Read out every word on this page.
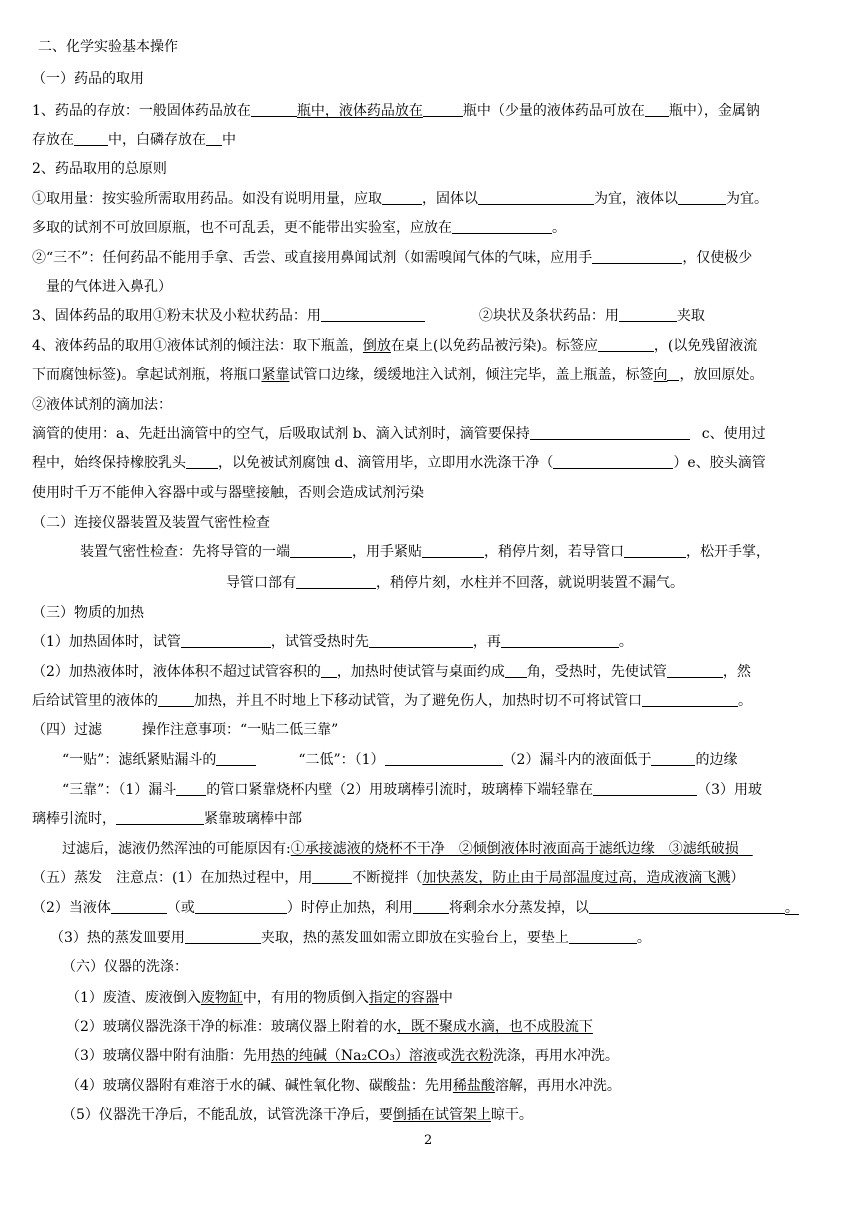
二、化学实验基本操作
（一）药品的取用
1、药品的存放：一般固体药品放在	瓶中，液体药品放在	瓶中（少量的液体药品可放在 瓶中），金属钠
存放在 中，白磷存放在 中
2、药品取用的总原则
①取用量：按实验所需取用药品。如没有说明用量，应取	，固体以	为宜，液体以	为宜。
多取的试剂不可放回原瓶，也不可乱丢，更不能带出实验室，应放在	。
②“三不”：任何药品不能用手拿、舌尝、或直接用鼻闻试剂（如需嗅闻气体的气味，应用手	，仅使极少
量的气体进入鼻孔）
3、固体药品的取用①粉末状及小粒状药品：用	②块状及条状药品：用	夹取
4、液体药品的取用①液体试剂的倾注法：取下瓶盖，倒放在桌上(以免药品被污染)。标签应	，(以免残留液流
下而腐蚀标签)。拿起试剂瓶，将瓶口紧靠试管口边缘，缓缓地注入试剂，倾注完毕，盖上瓶盖，标签向 ，放回原处。
②液体试剂的滴加法：
滴管的使用：a、先赶出滴管中的空气，后吸取试剂 b、滴入试剂时，滴管要保持	c、使用过
程中，始终保持橡胶乳头 ，以免被试剂腐蚀 d、滴管用毕，立即用水洗涤干净（	）e、胶头滴管
使用时千万不能伸入容器中或与器壁接触，否则会造成试剂污染
（二）连接仪器装置及装置气密性检查
装置气密性检查：先将导管的一端	，用手紧贴	，稍停片刻，若导管口	，松开手掌，
导管口部有	，稍停片刻，水柱并不回落，就说明装置不漏气。
（三）物质的加热
（1）加热固体时，试管	，试管受热时先	，再	。
（2）加热液体时，液体体积不超过试管容积的 ，加热时使试管与桌面约成 角，受热时，先使试管	，然
后给试管里的液体的	加热，并且不时地上下移动试管，为了避免伤人，加热时切不可将试管口	。
（四）过滤	操作注意事项：“一贴二低三靠”
“一贴”：滤纸紧贴漏斗的	“二低”：（1）	（2）漏斗内的液面低于	的边缘
“三靠”：（1）漏斗 的管口紧靠烧杯内壁（2）用玻璃棒引流时，玻璃棒下端轻靠在	（3）用玻
璃棒引流时，	紧靠玻璃棒中部
过滤后，滤液仍然浑浊的可能原因有:①承接滤液的烧杯不干净　②倾倒液体时液面高于滤纸边缘　③滤纸破损　
（五）蒸发　注意点：(1）在加热过程中，用	不断搅拌（加快蒸发，防止由于局部温度过高，造成液滴飞溅）
（2）当液体	（或	）时停止加热，利用	将剩余水分蒸发掉，以	。
（3）热的蒸发皿要用	夹取，热的蒸发皿如需立即放在实验台上，要垫上	。
（六）仪器的洗涤：
（1）废渣、废液倒入废物缸中，有用的物质倒入指定的容器中
（2）玻璃仪器洗涤干净的标准：玻璃仪器上附着的水，既不聚成水滴，也不成股流下
（3）玻璃仪器中附有油脂：先用热的纯碱（Na₂CO₃）溶液或洗衣粉洗涤，再用水冲洗。
（4）玻璃仪器附有难溶于水的碱、碱性氧化物、碳酸盐：先用稀盐酸溶解，再用水冲洗。
（5）仪器洗干净后，不能乱放，试管洗涤干净后，要倒插在试管架上晾干。
2
